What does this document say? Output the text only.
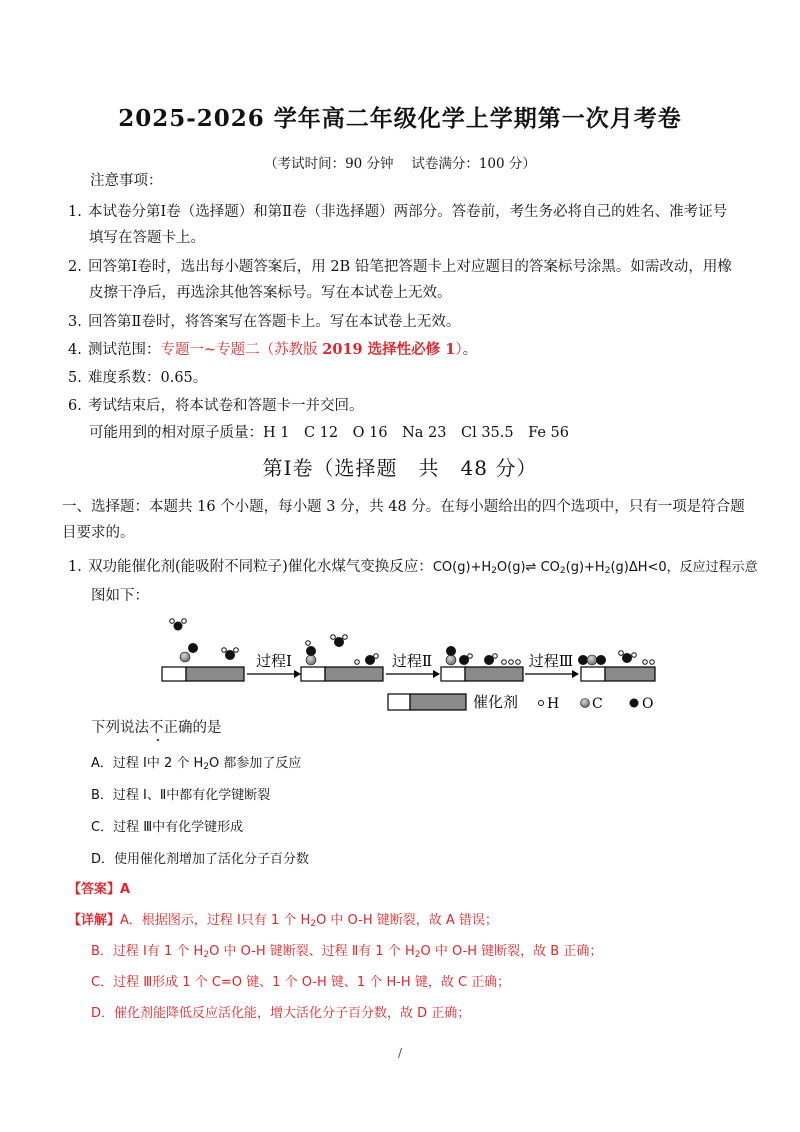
2025-2026 学年高二年级化学上学期第一次月考卷
（考试时间：90 分钟　 试卷满分：100 分）
注意事项：
1. 本试卷分第Ⅰ卷（选择题）和第Ⅱ卷（非选择题）两部分。答卷前，考生务必将自己的姓名、准考证号
填写在答题卡上。
2. 回答第Ⅰ卷时，选出每小题答案后，用 2B 铅笔把答题卡上对应题目的答案标号涂黑。如需改动，用橡
皮擦干净后，再选涂其他答案标号。写在本试卷上无效。
3. 回答第Ⅱ卷时，将答案写在答题卡上。写在本试卷上无效。
4. 测试范围：专题一~专题二（苏教版 2019 选择性必修 1）。
5. 难度系数：0.65。
6. 考试结束后，将本试卷和答题卡一并交回。
可能用到的相对原子质量：H 1　C 12　O 16　Na 23　Cl 35.5　Fe 56
第Ⅰ卷（选择题　共　48 分）
一、选择题：本题共 16 个小题，每小题 3 分，共 48 分。在每小题给出的四个选项中，只有一项是符合题
目要求的。
1. 双功能催化剂(能吸附不同粒子)催化水煤气变换反应：$CO(g)+H_2O(g)\rightleftharpoons$ $CO_2(g)+H_2(g)\Delta H<0$，反应过程示意
图如下：
过程Ⅰ	过程Ⅱ	过程Ⅲ
催化剂 H C	O
下列说法不正确的是
A．过程 Ⅰ中 2 个 $H_2O$ 都参加了反应
B．过程 Ⅰ、Ⅱ中都有化学键断裂
C．过程 Ⅲ中有化学键形成
D．使用催化剂增加了活化分子百分数
【答案】A
【详解】A．根据图示，过程 Ⅰ只有 1 个 $H_2O$ 中 O-H 键断裂，故 A 错误；
B．过程 Ⅰ有 1 个 $H_2O$ 中 O-H 键断裂、过程 Ⅱ有 1 个 $H_2O$ 中 O-H 键断裂，故 B 正确；
C．过程 Ⅲ形成 1 个 C=O 键、1 个 O-H 键、1 个 H-H 键，故 C 正确；
D．催化剂能降低反应活化能，增大活化分子百分数，故 D 正确；
/
